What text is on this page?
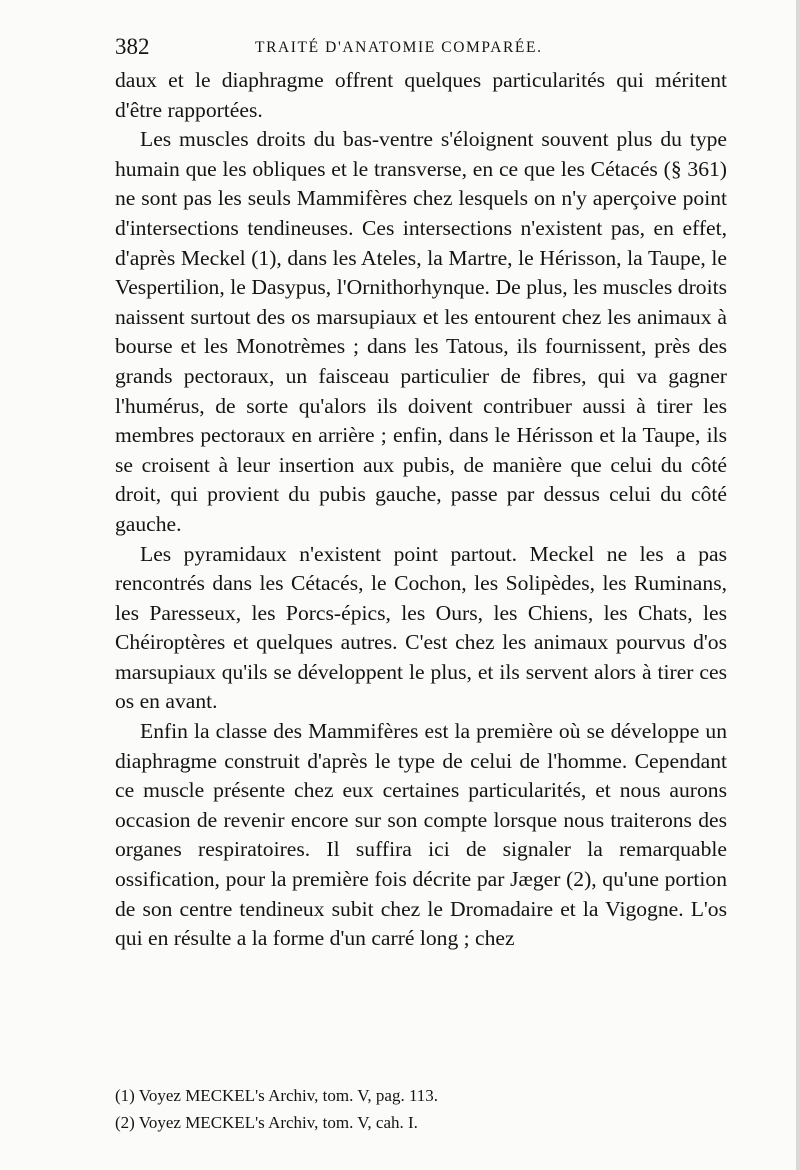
382	TRAITÉ D'ANATOMIE COMPARÉE.

daux et le diaphragme offrent quelques particularités qui méritent d'être rapportées.

Les muscles droits du bas-ventre s'éloignent souvent plus du type humain que les obliques et le transverse, en ce que les Cétacés (§ 361) ne sont pas les seuls Mammifères chez lesquels on n'y aperçoive point d'intersections tendineuses. Ces intersections n'existent pas, en effet, d'après Meckel (1), dans les Ateles, la Martre, le Hérisson, la Taupe, le Vespertilion, le Dasypus, l'Ornithorhynque. De plus, les muscles droits naissent surtout des os marsupiaux et les entourent chez les animaux à bourse et les Monotrèmes ; dans les Tatous, ils fournissent, près des grands pectoraux, un faisceau particulier de fibres, qui va gagner l'humérus, de sorte qu'alors ils doivent contribuer aussi à tirer les membres pectoraux en arrière ; enfin, dans le Hérisson et la Taupe, ils se croisent à leur insertion aux pubis, de manière que celui du côté droit, qui provient du pubis gauche, passe par dessus celui du côté gauche.

Les pyramidaux n'existent point partout. Meckel ne les a pas rencontrés dans les Cétacés, le Cochon, les Solipèdes, les Ruminans, les Paresseux, les Porcs-épics, les Ours, les Chiens, les Chats, les Chéiroptères et quelques autres. C'est chez les animaux pourvus d'os marsupiaux qu'ils se développent le plus, et ils servent alors à tirer ces os en avant.

Enfin la classe des Mammifères est la première où se développe un diaphragme construit d'après le type de celui de l'homme. Cependant ce muscle présente chez eux certaines particularités, et nous aurons occasion de revenir encore sur son compte lorsque nous traiterons des organes respiratoires. Il suffira ici de signaler la remarquable ossification, pour la première fois décrite par Jæger (2), qu'une portion de son centre tendineux subit chez le Dromadaire et la Vigogne. L'os qui en résulte a la forme d'un carré long ; chez

(1) Voyez MECKEL's Archiv, tom. V, pag. 113.

(2) Voyez MECKEL's Archiv, tom. V, cah. I.
